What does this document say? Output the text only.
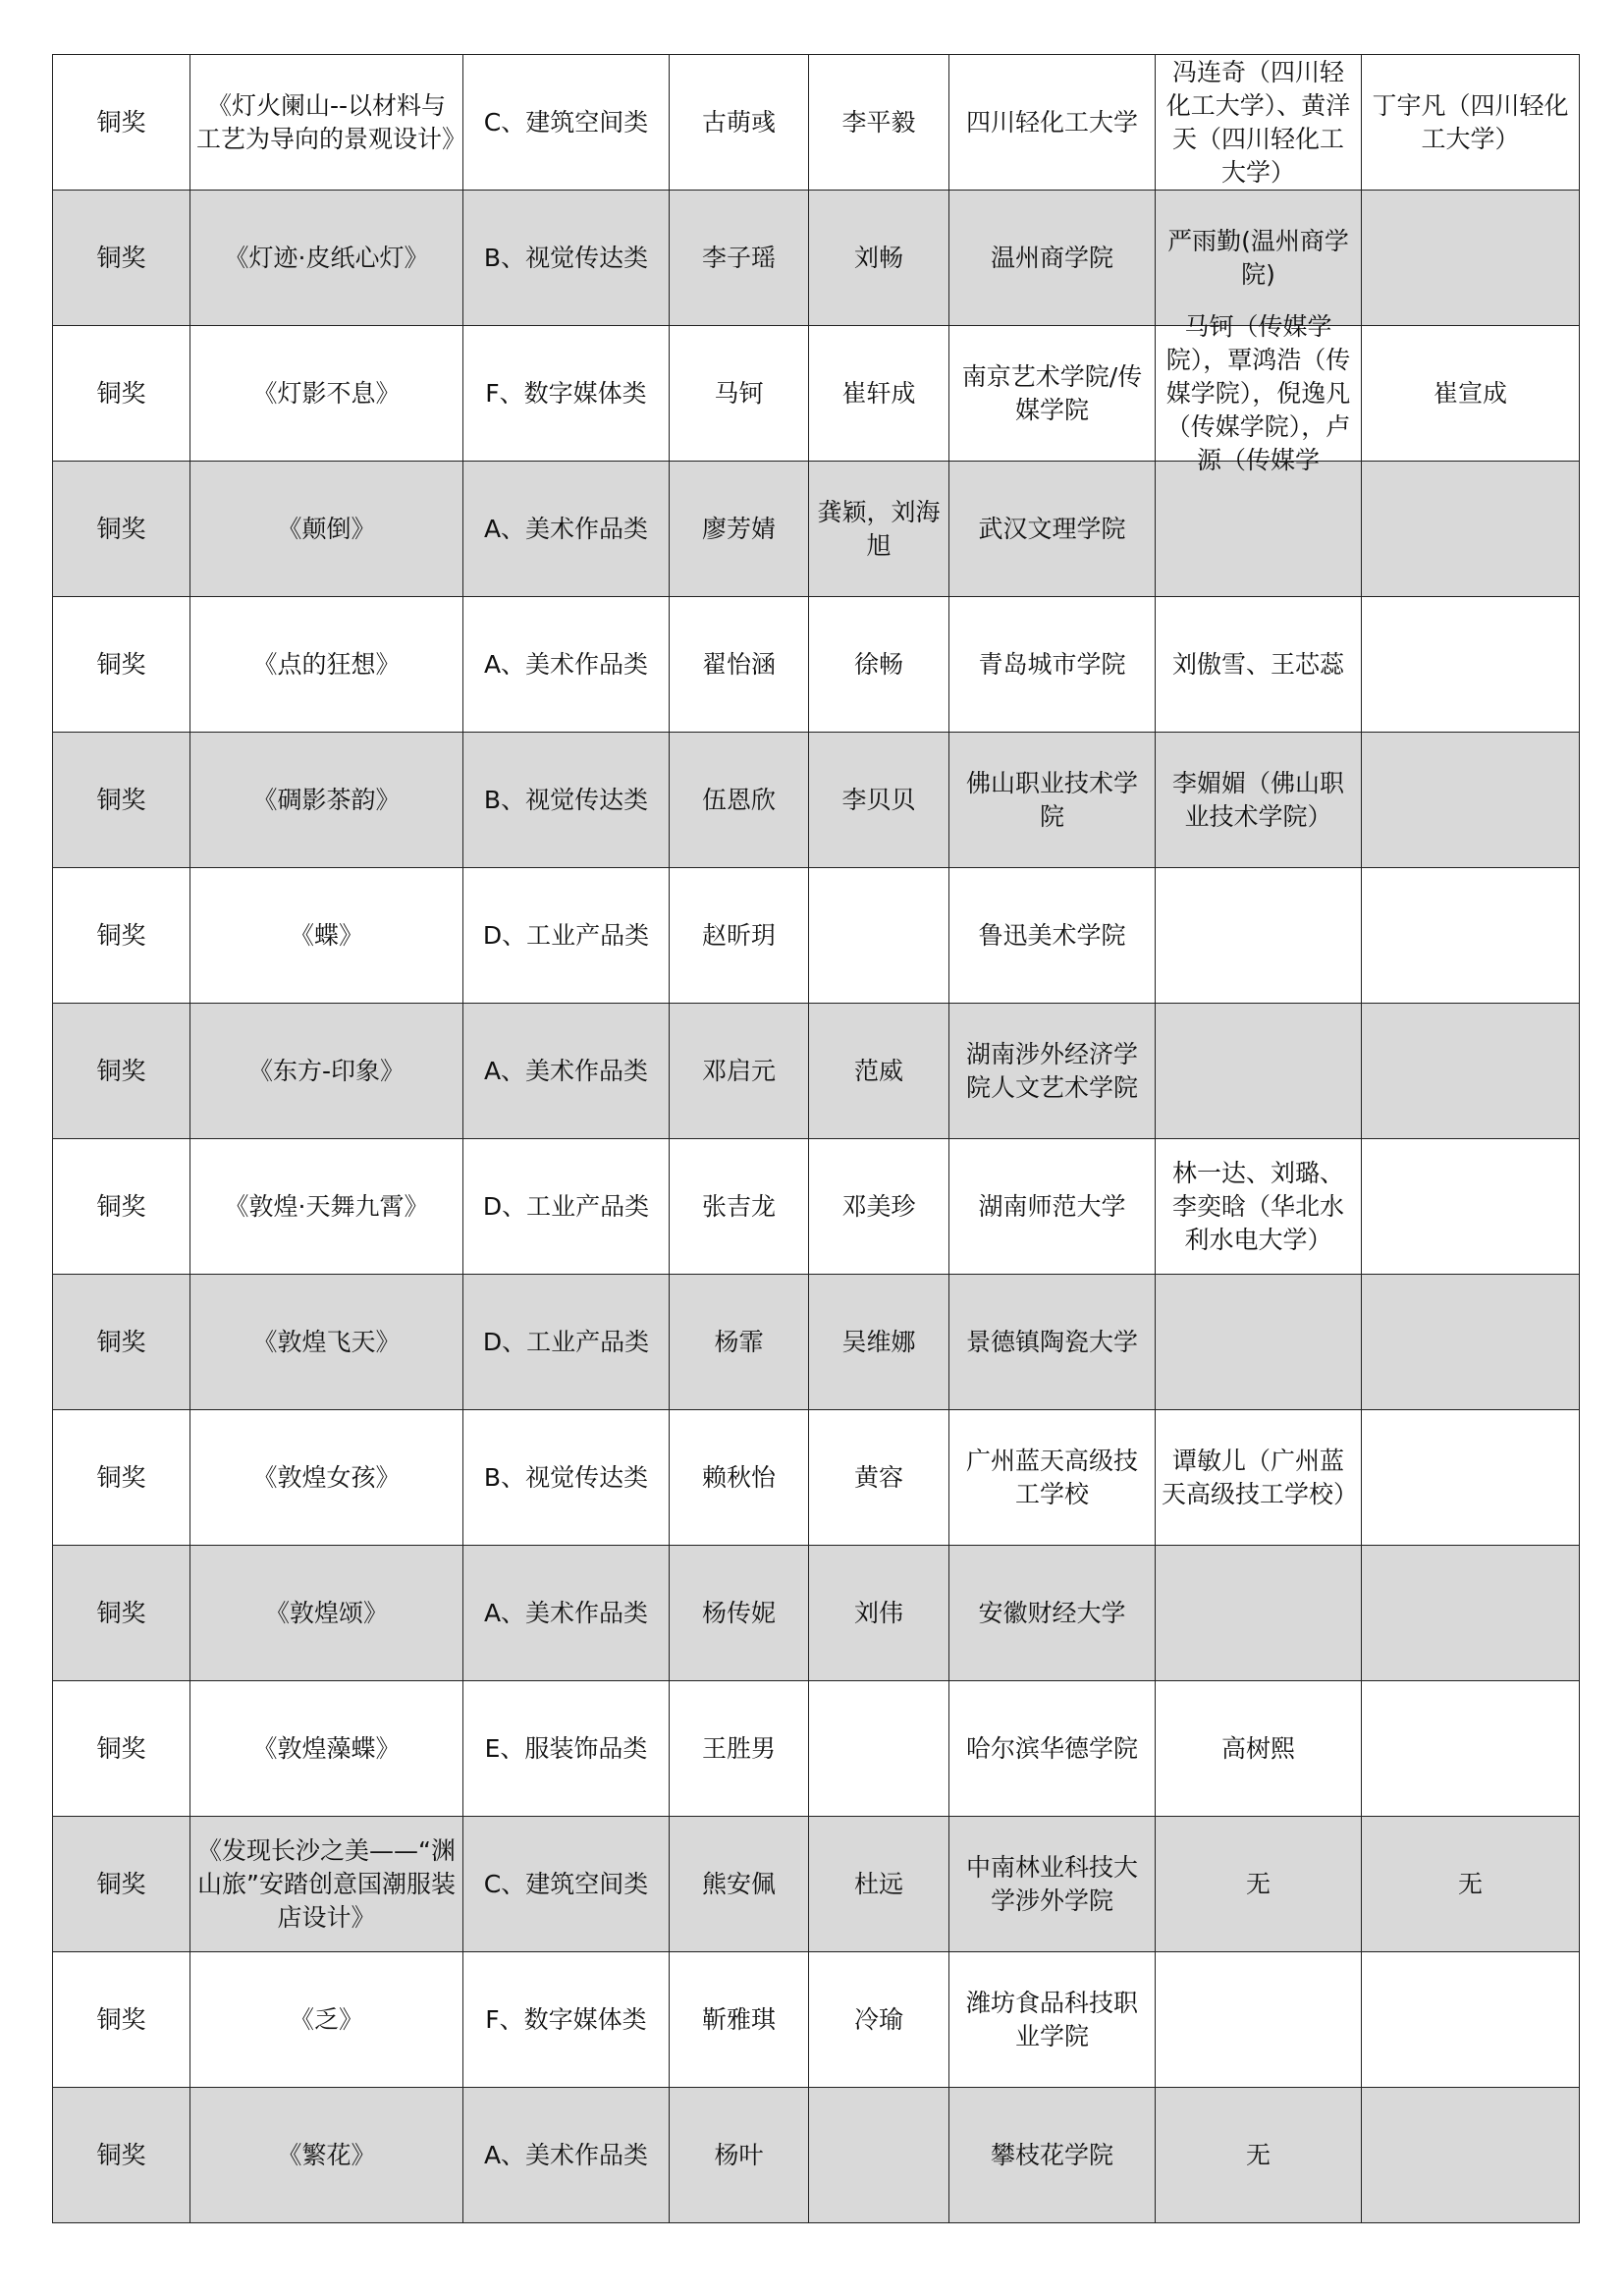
铜奖	《灯火阑山--以材料与工艺为导向的景观设计》	C、建筑空间类	古萌彧	李平毅	四川轻化工大学	冯连奇（四川轻化工大学）、黄洋天（四川轻化工大学）	丁宇凡（四川轻化工大学）
铜奖	《灯迹·皮纸心灯》	B、视觉传达类	李子瑶	刘畅	温州商学院	严雨勤(温州商学院)	
铜奖	《灯影不息》	F、数字媒体类	马钶	崔轩成	南京艺术学院/传媒学院	马钶（传媒学院），覃鸿浩（传媒学院），倪逸凡（传媒学院），卢源（传媒学	崔宣成
铜奖	《颠倒》	A、美术作品类	廖芳婧	龚颖，刘海旭	武汉文理学院		
铜奖	《点的狂想》	A、美术作品类	翟怡涵	徐畅	青岛城市学院	刘傲雪、王芯蕊	
铜奖	《碉影茶韵》	B、视觉传达类	伍恩欣	李贝贝	佛山职业技术学院	李媚媚（佛山职业技术学院）	
铜奖	《蝶》	D、工业产品类	赵昕玥		鲁迅美术学院		
铜奖	《东方-印象》	A、美术作品类	邓启元	范威	湖南涉外经济学院人文艺术学院		
铜奖	《敦煌·天舞九霄》	D、工业产品类	张吉龙	邓美珍	湖南师范大学	林一达、刘璐、李奕晗（华北水利水电大学）	
铜奖	《敦煌飞天》	D、工业产品类	杨霏	吴维娜	景德镇陶瓷大学		
铜奖	《敦煌女孩》	B、视觉传达类	赖秋怡	黄容	广州蓝天高级技工学校	谭敏儿（广州蓝天高级技工学校）	
铜奖	《敦煌颂》	A、美术作品类	杨传妮	刘伟	安徽财经大学		
铜奖	《敦煌藻蝶》	E、服装饰品类	王胜男		哈尔滨华德学院	高树熙	
铜奖	《发现长沙之美——“渊山旅”安踏创意国潮服装店设计》	C、建筑空间类	熊安佩	杜远	中南林业科技大学涉外学院	无	无
铜奖	《乏》	F、数字媒体类	靳雅琪	冷瑜	潍坊食品科技职业学院		
铜奖	《繁花》	A、美术作品类	杨叶		攀枝花学院	无	
